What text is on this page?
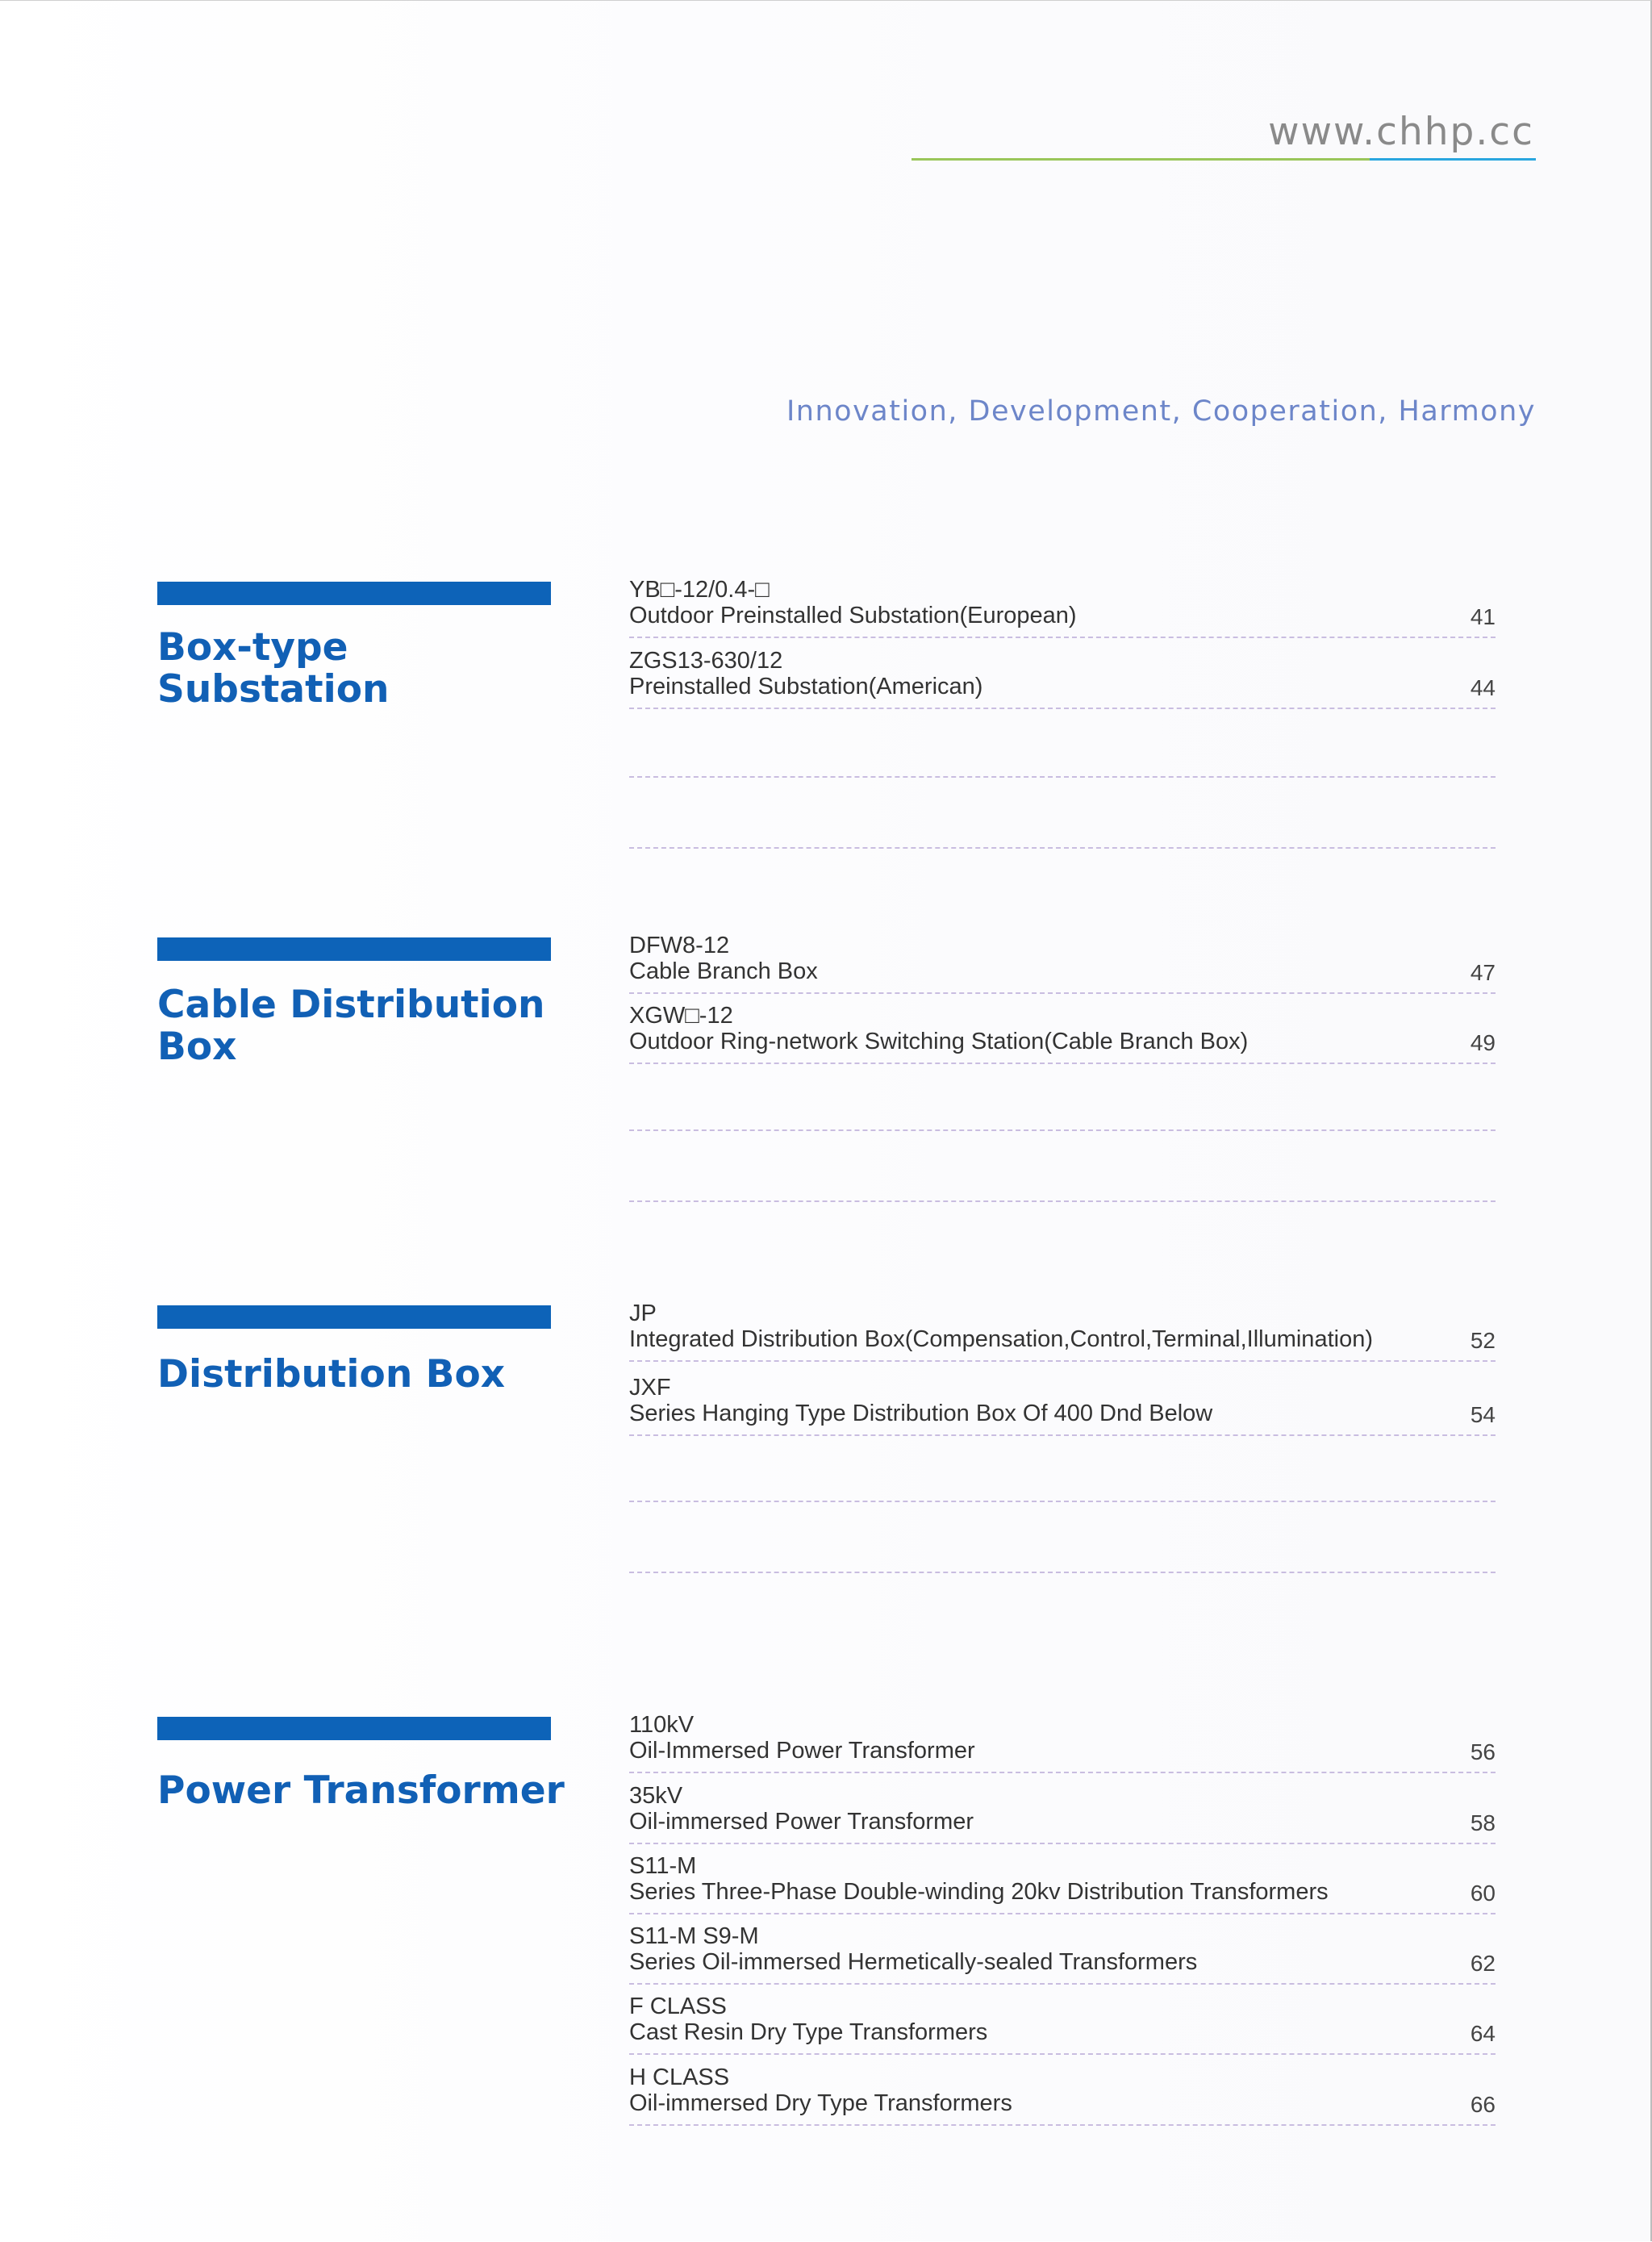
www.chhp.cc
Innovation, Development, Cooperation, Harmony
Box-type
Substation
YB□-12/0.4-□
Outdoor Preinstalled Substation(European)	41
ZGS13-630/12
Preinstalled Substation(American)	44
Cable Distribution
Box
DFW8-12
Cable Branch Box	47
XGW□-12
Outdoor Ring-network Switching Station(Cable Branch Box)	49
Distribution Box
JP
Integrated Distribution Box(Compensation,Control,Terminal,Illumination)	52
JXF
Series Hanging Type Distribution Box Of 400 Dnd Below	54
Power Transformer
110kV
Oil-Immersed Power Transformer	56
35kV
Oil-immersed Power Transformer	58
S11-M
Series Three-Phase Double-winding 20kv Distribution Transformers	60
S11-M S9-M
Series Oil-immersed Hermetically-sealed Transformers	62
F CLASS
Cast Resin Dry Type Transformers	64
H CLASS
Oil-immersed Dry Type Transformers	66
